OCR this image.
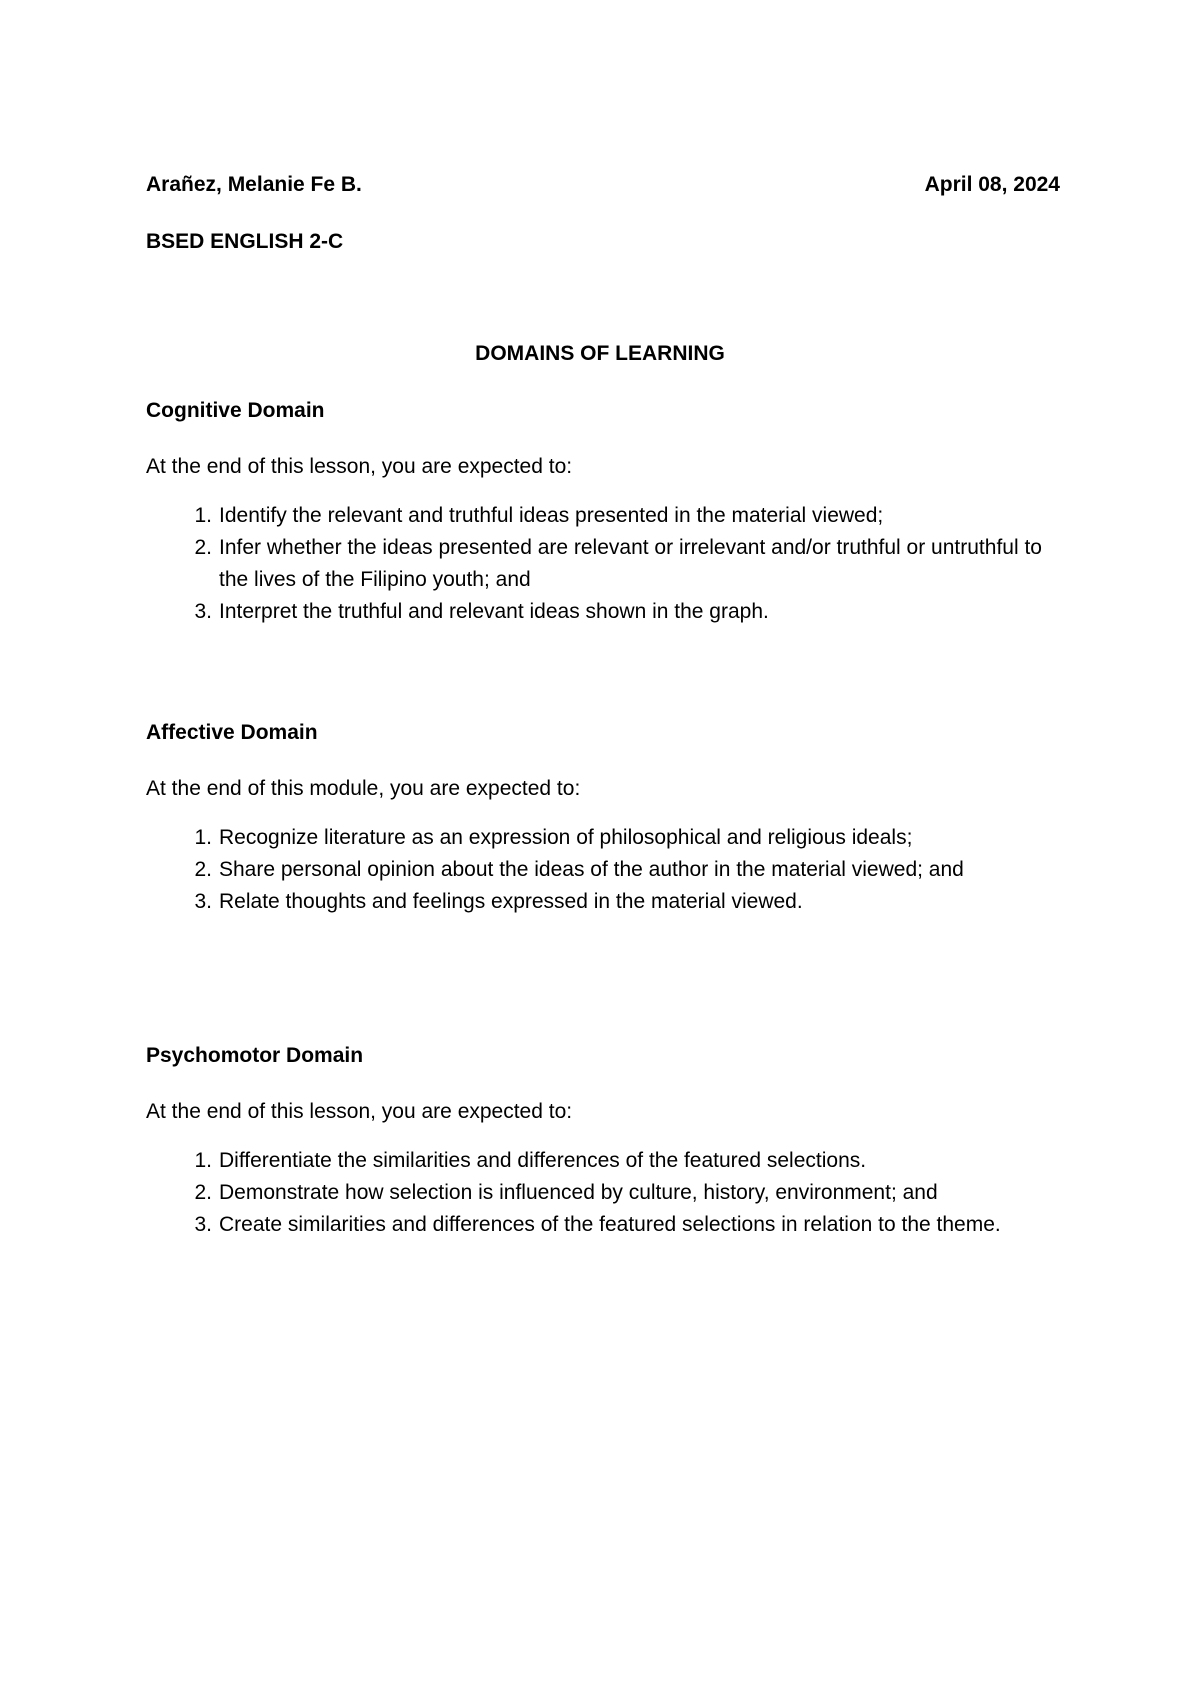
Arañez, Melanie Fe B.	April 08, 2024
BSED ENGLISH 2-C
DOMAINS OF LEARNING

Cognitive Domain

At the end of this lesson, you are expected to:

1. Identify the relevant and truthful ideas presented in the material viewed;
2. Infer whether the ideas presented are relevant or irrelevant and/or truthful or untruthful to the lives of the Filipino youth; and
3. Interpret the truthful and relevant ideas shown in the graph.

Affective Domain

At the end of this module, you are expected to:

1. Recognize literature as an expression of philosophical and religious ideals;
2. Share personal opinion about the ideas of the author in the material viewed; and
3. Relate thoughts and feelings expressed in the material viewed.

Psychomotor Domain

At the end of this lesson, you are expected to:

1. Differentiate the similarities and differences of the featured selections.
2. Demonstrate how selection is influenced by culture, history, environment; and
3. Create similarities and differences of the featured selections in relation to the theme.
